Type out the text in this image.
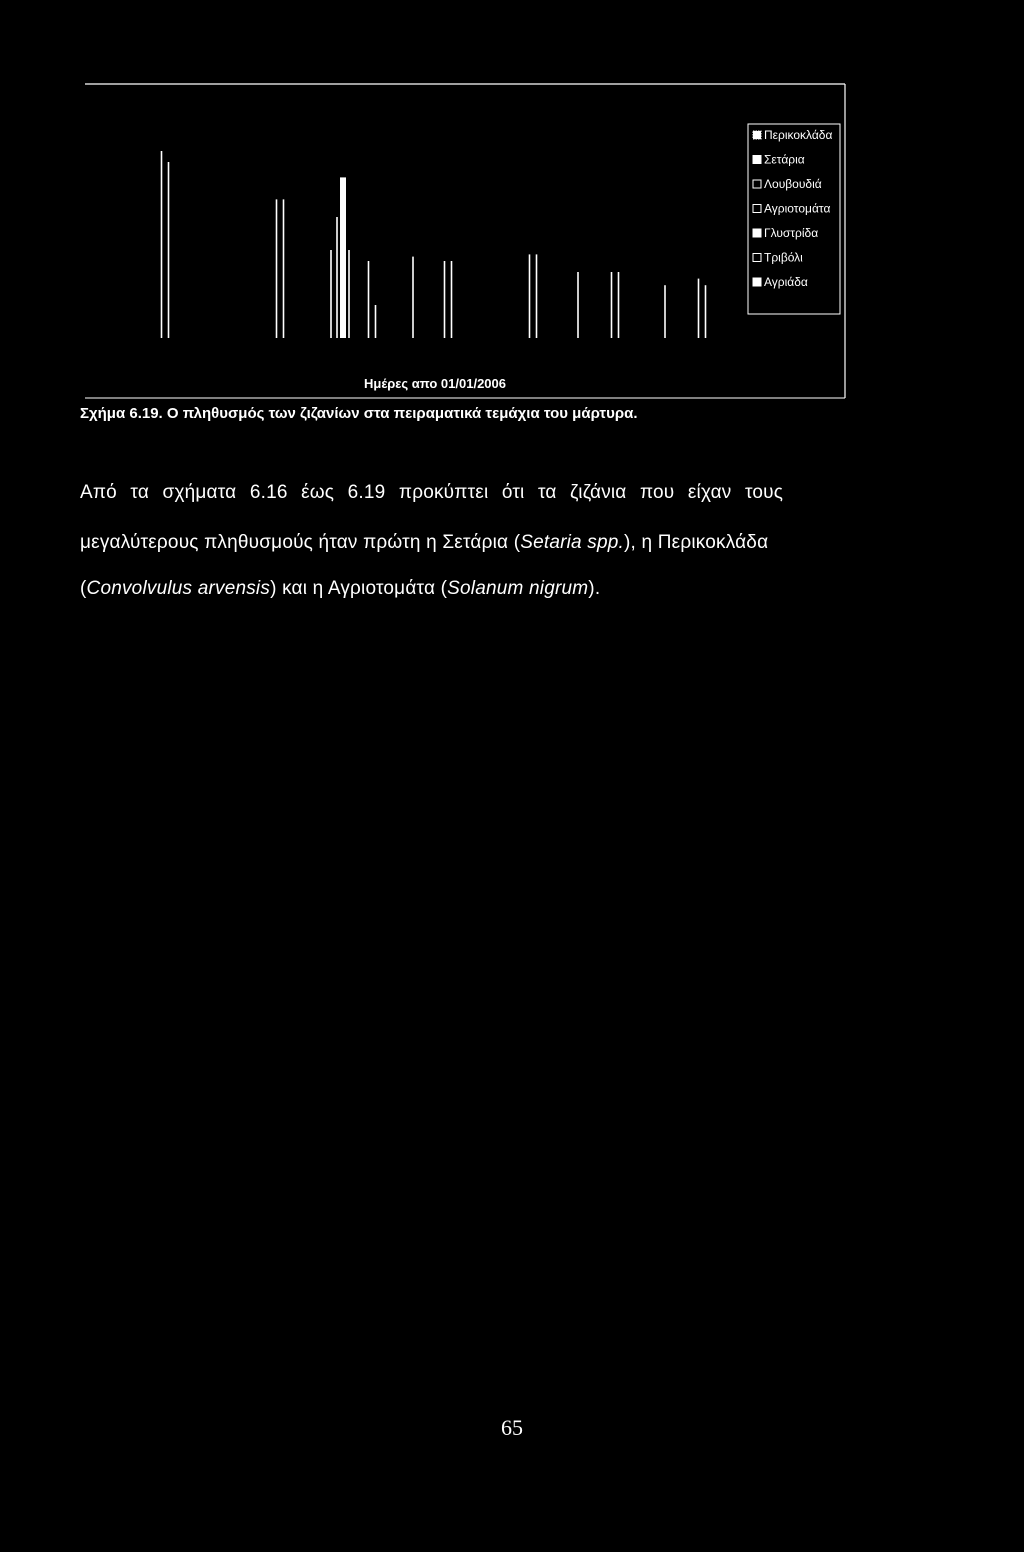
Περικοκλάδα
Σετάρια
Λουβουδιά
Αγριοτομάτα
Γλυστρίδα
Τριβόλι
Αγριάδα
Ημέρες απο 01/01/2006
Σχήμα 6.19. Ο πληθυσμός των ζιζανίων στα πειραματικά τεμάχια του μάρτυρα.
Από τα σχήματα 6.16 έως 6.19 προκύπτει ότι τα ζιζάνια που είχαν τους
μεγαλύτερους πληθυσμούς ήταν πρώτη η Σετάρια (Setaria spp.), η Περικοκλάδα
(Convolvulus arvensis) και η Αγριοτομάτα (Solanum nigrum).
65
